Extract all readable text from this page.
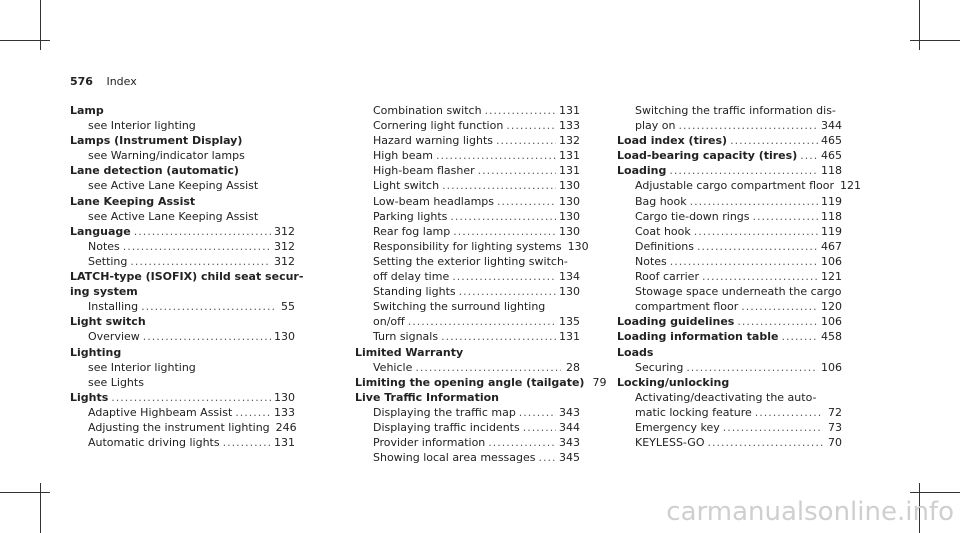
576 Index
Lamp
see Interior lighting
Lamps (Instrument Display)
see Warning/indicator lamps
Lane detection (automatic)
see Active Lane Keeping Assist
Lane Keeping Assist
see Active Lane Keeping Assist
Language .....	312
Notes .....	312
Setting .....	312
LATCH-type (ISOFIX) child seat secur-
ing system
Installing .....	55
Light switch
Overview .....	130
Lighting
see Interior lighting
see Lights
Lights .....	130
Adaptive Highbeam Assist .....	133
Adjusting the instrument lighting 246
Automatic driving lights .....	131
Combination switch .....	131
Cornering light function .....	133
Hazard warning lights .....	132
High beam .....	131
High-beam flasher .....	131
Light switch .....	130
Low-beam headlamps .....	130
Parking lights .....	130
Rear fog lamp .....	130
Responsibility for lighting systems 130
Setting the exterior lighting switch-
off delay time .....	134
Standing lights .....	130
Switching the surround lighting
on/off .....	135
Turn signals .....	131
Limited Warranty
Vehicle .....	28
Limiting the opening angle (tailgate) 79
Live Traffic Information
Displaying the traffic map .....	343
Displaying traffic incidents .....	344
Provider information .....	343
Showing local area messages ..... 345
Switching the traffic information dis-
play on .....	344
Load index (tires) .....	465
Load-bearing capacity (tires) ..... 465
Loading .....	118
Adjustable cargo compartment floor 121
Bag hook .....	119
Cargo tie-down rings .....	118
Coat hook .....	119
Definitions .....	467
Notes .....	106
Roof carrier .....	121
Stowage space underneath the cargo
compartment floor .....	120
Loading guidelines .....	106
Loading information table .....	458
Loads
Securing .....	106
Locking/unlocking
Activating/deactivating the auto-
matic locking feature .....	72
Emergency key .....	73
KEYLESS-GO .....	70
carmanualsonline.info
